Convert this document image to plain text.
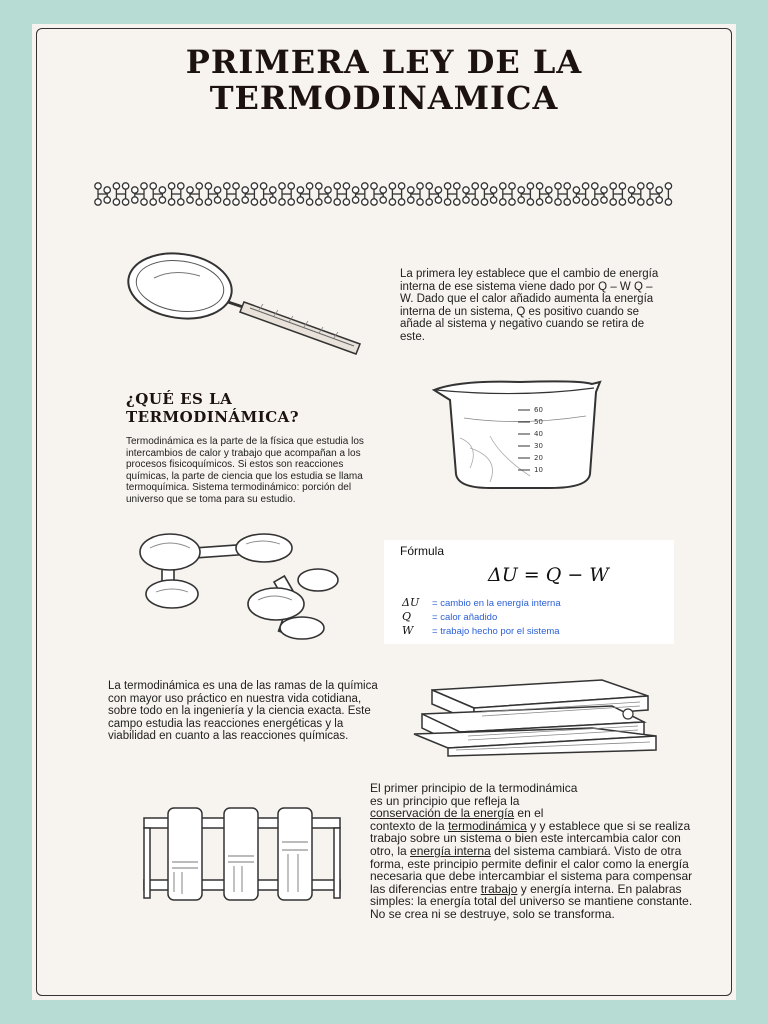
PRIMERA LEY DE LA
TERMODINAMICA
La primera ley establece que el cambio de energía interna de ese sistema viene dado por Q – W Q – W. Dado que el calor añadido aumenta la energía interna de un sistema, Q es positivo cuando se añade al sistema y negativo cuando se retira de este.
¿QUÉ ES LA
TERMODINÁMICA?
Termodinámica es la parte de la física que estudia los intercambios de calor y trabajo que acompañan a los procesos fisicoquímicos. Si estos son reacciones químicas, la parte de ciencia que los estudia se llama termoquímica. Sistema termodinámico: porción del universo que se toma para su estudio.
60
50
40
30
20
10
Fórmula
ΔU = Q − W
ΔU = cambio en la energía interna
Q = calor añadido
W = trabajo hecho por el sistema
La termodinámica es una de las ramas de la química con mayor uso práctico en nuestra vida cotidiana, sobre todo en la ingeniería y la ciencia exacta. Este campo estudia las reacciones energéticas y la viabilidad en cuanto a las reacciones químicas.
El primer principio de la termodinámica
es un principio que refleja la
conservación de la energía en el
contexto de la termodinámica y y establece que si se realiza trabajo sobre un sistema o bien este intercambia calor con otro, la energía interna del sistema cambiará. Visto de otra forma, este principio permite definir el calor como la energía necesaria que debe intercambiar el sistema para compensar las diferencias entre trabajo y energía interna. En palabras simples: la energía total del universo se mantiene constante. No se crea ni se destruye, solo se transforma.
